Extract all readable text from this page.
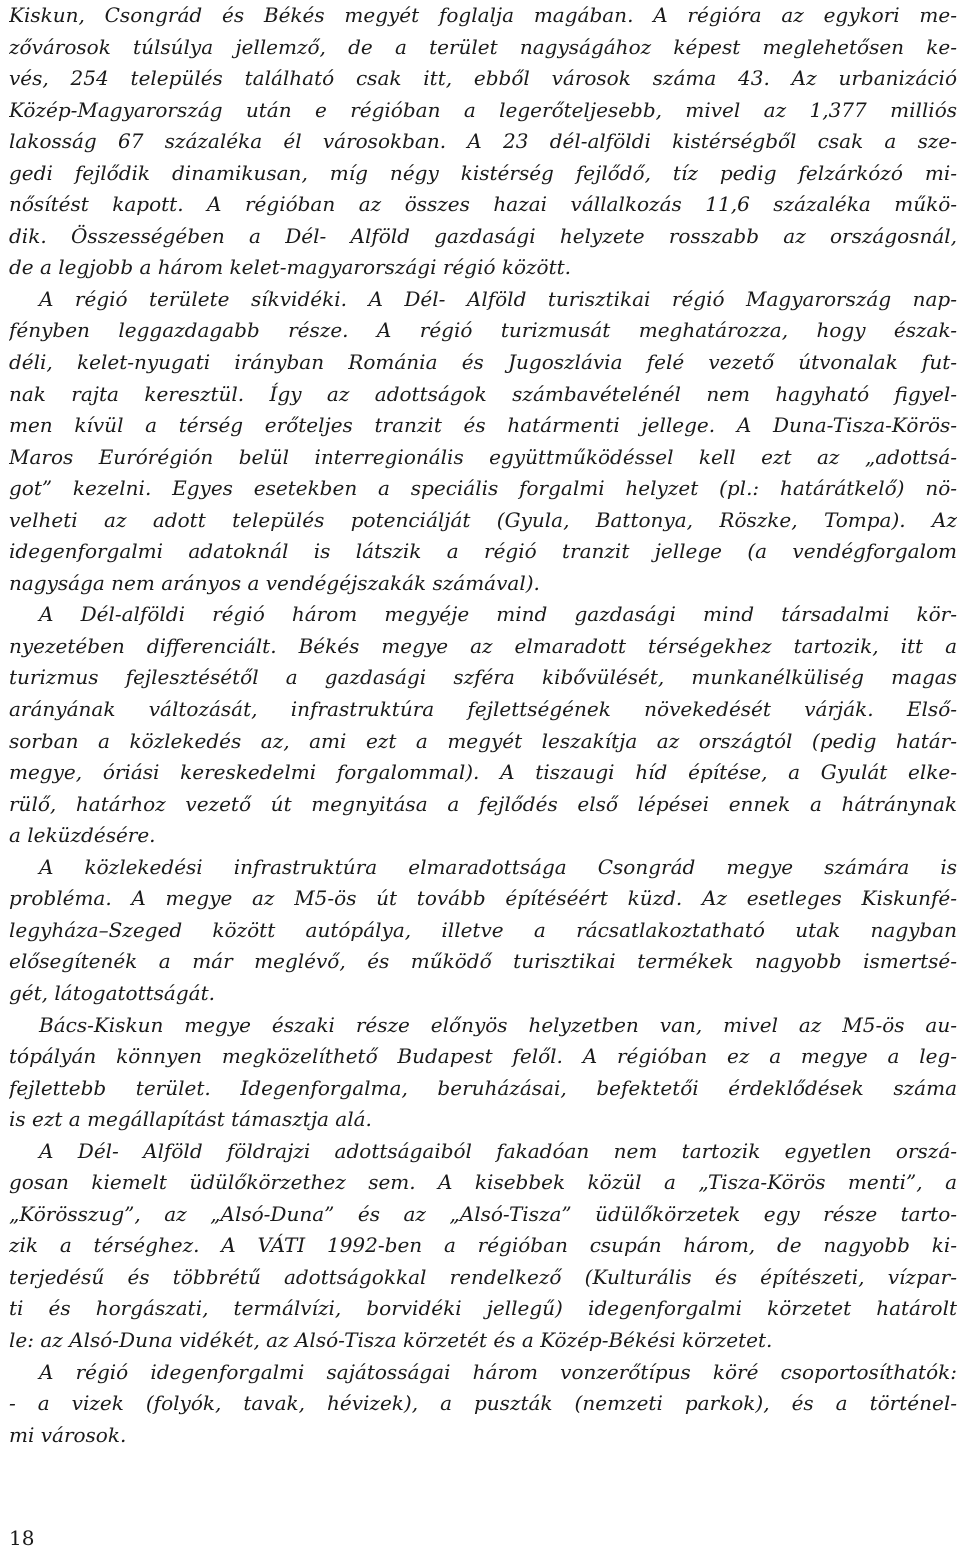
Kiskun, Csongrád és Békés megyét foglalja magában. A régióra az egykori me-
zővárosok túlsúlya jellemző, de a terület nagyságához képest meglehetősen ke-
vés, 254 település található csak itt, ebből városok száma 43. Az urbanizáció
Közép-Magyarország után e régióban a legerőteljesebb, mivel az 1,377 milliós
lakosság 67 százaléka él városokban. A 23 dél-alföldi kistérségből csak a sze-
gedi fejlődik dinamikusan, míg négy kistérség fejlődő, tíz pedig felzárkózó mi-
nősítést kapott. A régióban az összes hazai vállalkozás 11,6 százaléka műkö-
dik. Összességében a Dél- Alföld gazdasági helyzete rosszabb az országosnál,
de a legjobb a három kelet-magyarországi régió között.
A régió területe síkvidéki. A Dél- Alföld turisztikai régió Magyarország nap-
fényben leggazdagabb része. A régió turizmusát meghatározza, hogy észak-
déli, kelet-nyugati irányban Románia és Jugoszlávia felé vezető útvonalak fut-
nak rajta keresztül. Így az adottságok számbavételénél nem hagyható figyel-
men kívül a térség erőteljes tranzit és határmenti jellege. A Duna-Tisza-Körös-
Maros Eurórégión belül interregionális együttműködéssel kell ezt az „adottsá-
got” kezelni. Egyes esetekben a speciális forgalmi helyzet (pl.: határátkelő) nö-
velheti az adott település potenciálját (Gyula, Battonya, Röszke, Tompa). Az
idegenforgalmi adatoknál is látszik a régió tranzit jellege (a vendégforgalom
nagysága nem arányos a vendégéjszakák számával).
A Dél-alföldi régió három megyéje mind gazdasági mind társadalmi kör-
nyezetében differenciált. Békés megye az elmaradott térségekhez tartozik, itt a
turizmus fejlesztésétől a gazdasági szféra kibővülését, munkanélküliség magas
arányának változását, infrastruktúra fejlettségének növekedését várják. Első-
sorban a közlekedés az, ami ezt a megyét leszakítja az országtól (pedig határ-
megye, óriási kereskedelmi forgalommal). A tiszaugi híd építése, a Gyulát elke-
rülő, határhoz vezető út megnyitása a fejlődés első lépései ennek a hátránynak
a leküzdésére.
A közlekedési infrastruktúra elmaradottsága Csongrád megye számára is
probléma. A megye az M5-ös út tovább építéséért küzd. Az esetleges Kiskunfé-
legyháza–Szeged között autópálya, illetve a rácsatlakoztatható utak nagyban
elősegítenék a már meglévő, és működő turisztikai termékek nagyobb ismertsé-
gét, látogatottságát.
Bács-Kiskun megye északi része előnyös helyzetben van, mivel az M5-ös au-
tópályán könnyen megközelíthető Budapest felől. A régióban ez a megye a leg-
fejlettebb terület. Idegenforgalma, beruházásai, befektetői érdeklődések száma
is ezt a megállapítást támasztja alá.
A Dél- Alföld földrajzi adottságaiból fakadóan nem tartozik egyetlen orszá-
gosan kiemelt üdülőkörzethez sem. A kisebbek közül a „Tisza-Körös menti”, a
„Körösszug”, az „Alsó-Duna” és az „Alsó-Tisza” üdülőkörzetek egy része tarto-
zik a térséghez. A VÁTI 1992-ben a régióban csupán három, de nagyobb ki-
terjedésű és többrétű adottságokkal rendelkező (Kulturális és építészeti, vízpar-
ti és horgászati, termálvízi, borvidéki jellegű) idegenforgalmi körzetet határolt
le: az Alsó-Duna vidékét, az Alsó-Tisza körzetét és a Közép-Békési körzetet.
A régió idegenforgalmi sajátosságai három vonzerőtípus köré csoportosíthatók:
- a vizek (folyók, tavak, hévizek), a puszták (nemzeti parkok), és a történel-
mi városok.
18
